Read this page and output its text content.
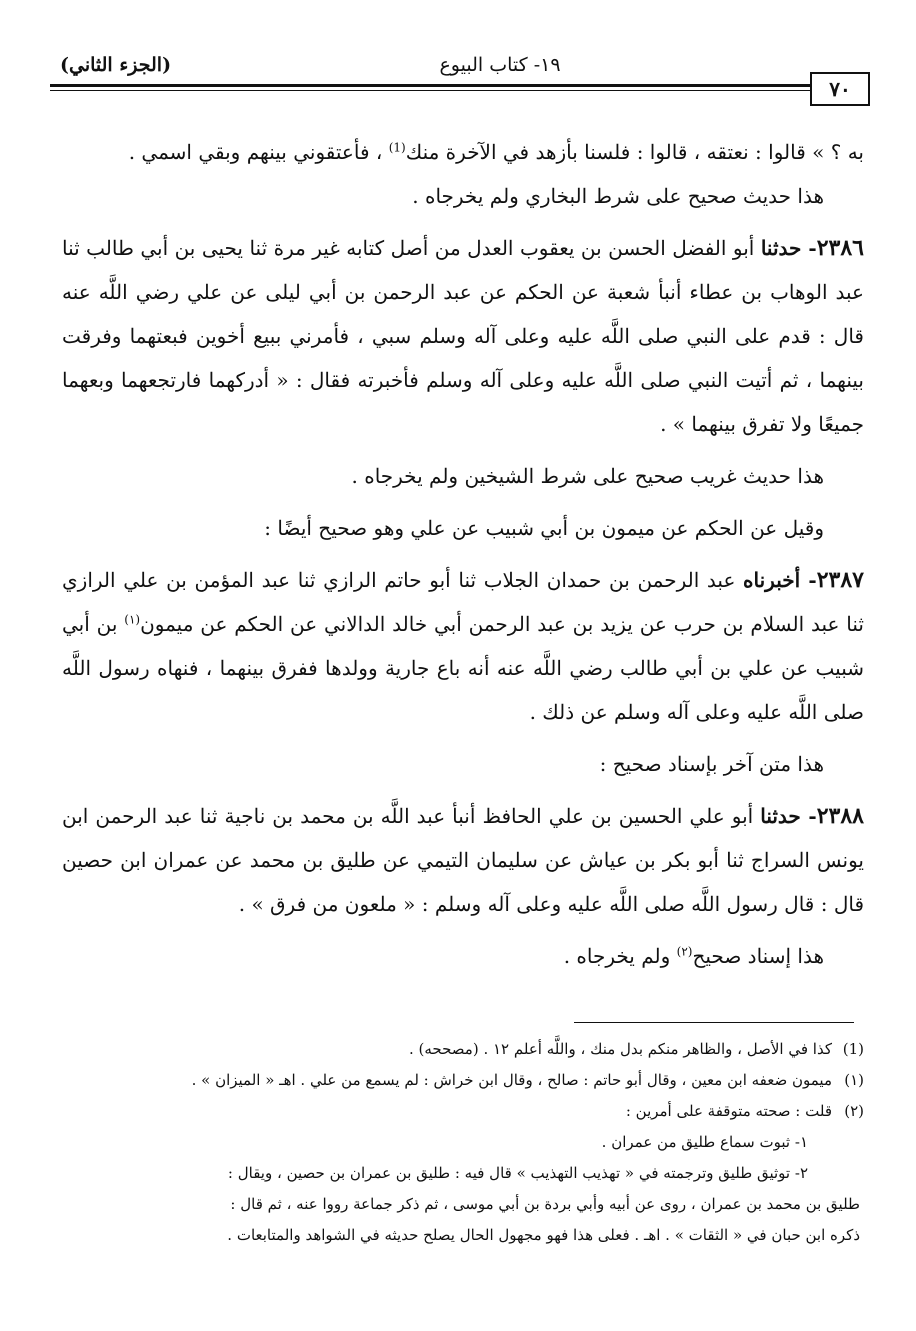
(الجزء الثاني)	١٩- كتاب البيوع
٧٠

به ؟ » قالوا : نعتقه ، قالوا : فلسنا بأزهد في الآخرة منك$^{(1)}$ ، فأعتقوني بينهم وبقي اسمي .

هذا حديث صحيح على شرط البخاري ولم يخرجاه .

٢٣٨٦- حدثنا أبو الفضل الحسن بن يعقوب العدل من أصل كتابه غير مرة ثنا يحيى بن أبي طالب ثنا عبد الوهاب بن عطاء أنبأ شعبة عن الحكم عن عبد الرحمن بن أبي ليلى عن علي رضي اللَّه عنه قال : قدم على النبي صلى اللَّه عليه وعلى آله وسلم سبي ، فأمرني ببيع أخوين فبعتهما وفرقت بينهما ، ثم أتيت النبي صلى اللَّه عليه وعلى آله وسلم فأخبرته فقال : « أدركهما فارتجعهما وبعهما جميعًا ولا تفرق بينهما » .

هذا حديث غريب صحيح على شرط الشيخين ولم يخرجاه .

وقيل عن الحكم عن ميمون بن أبي شبيب عن علي وهو صحيح أيضًا :

٢٣٨٧- أخبرناه عبد الرحمن بن حمدان الجلاب ثنا أبو حاتم الرازي ثنا عبد المؤمن بن علي الرازي ثنا عبد السلام بن حرب عن يزيد بن عبد الرحمن أبي خالد الدالاني عن الحكم عن ميمون$^{(١)}$ بن أبي شبيب عن علي بن أبي طالب رضي اللَّه عنه أنه باع جارية وولدها ففرق بينهما ، فنهاه رسول اللَّه صلى اللَّه عليه وعلى آله وسلم عن ذلك .

هذا متن آخر بإسناد صحيح :

٢٣٨٨- حدثنا أبو علي الحسين بن علي الحافظ أنبأ عبد اللَّه بن محمد بن ناجية ثنا عبد الرحمن ابن يونس السراج ثنا أبو بكر بن عياش عن سليمان التيمي عن طليق بن محمد عن عمران ابن حصين قال : قال رسول اللَّه صلى اللَّه عليه وعلى آله وسلم : « ملعون من فرق » .

هذا إسناد صحيح$^{(٢)}$ ولم يخرجاه .

(1)كذا في الأصل ، والظاهر منكم بدل منك ، واللَّه أعلم ١٢ . (مصححه) .

(١)ميمون ضعفه ابن معين ، وقال أبو حاتم : صالح ، وقال ابن خراش : لم يسمع من علي . اهـ « الميزان » .

(٢)قلت : صحته متوقفة على أمرين :

١- ثبوت سماع طليق من عمران .

٢- توثيق طليق وترجمته في « تهذيب التهذيب » قال فيه : طليق بن عمران بن حصين ، ويقال :

طليق بن محمد بن عمران ، روى عن أبيه وأبي بردة بن أبي موسى ، ثم ذكر جماعة رووا عنه ، ثم قال :

ذكره ابن حبان في « الثقات » . اهـ . فعلى هذا فهو مجهول الحال يصلح حديثه في الشواهد والمتابعات .
